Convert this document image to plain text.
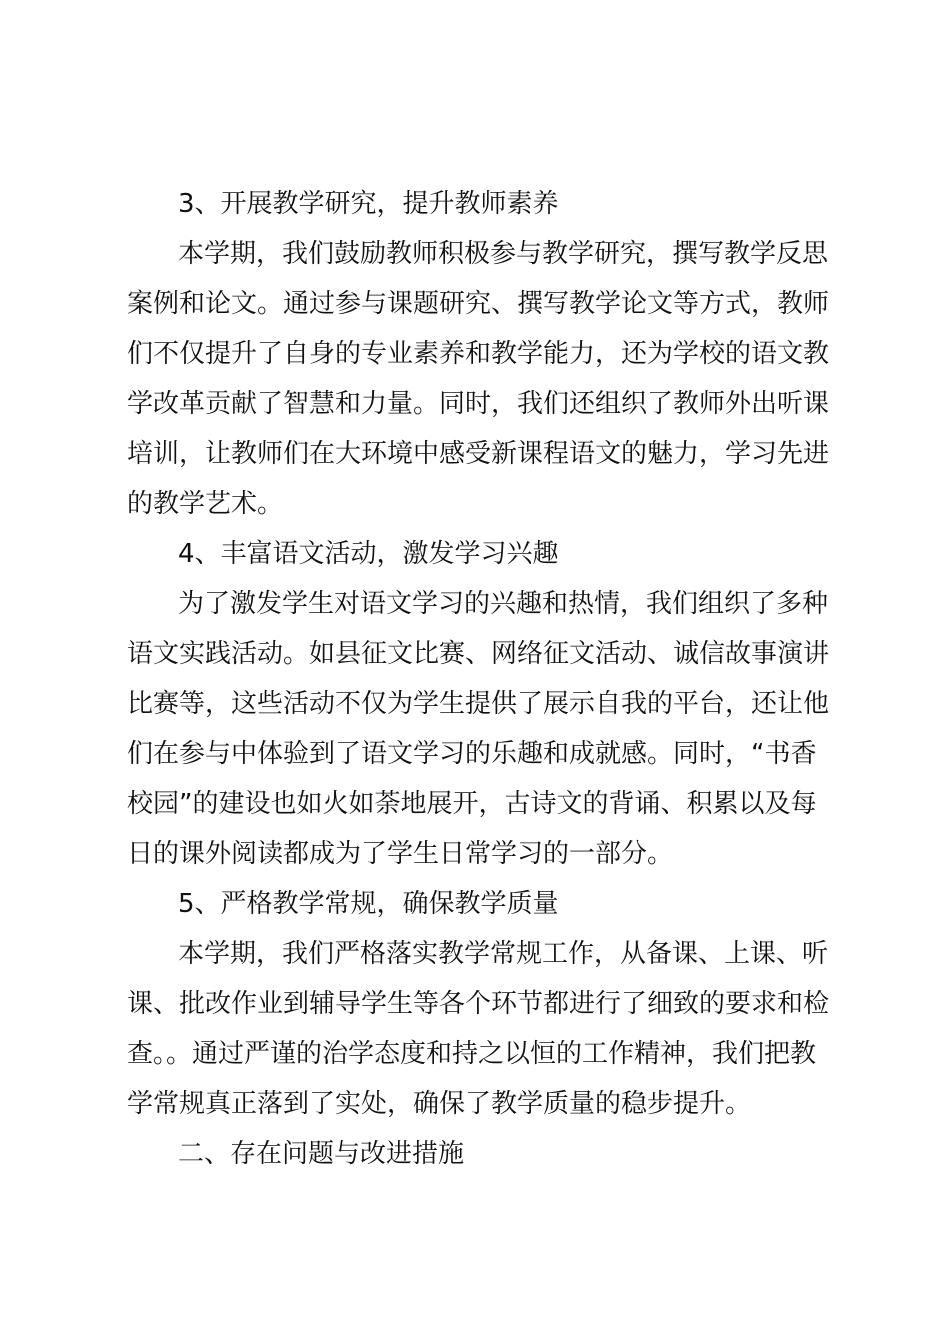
3、开展教学研究，提升教师素养
本学期，我们鼓励教师积极参与教学研究，撰写教学反思
案例和论文。通过参与课题研究、撰写教学论文等方式，教师
们不仅提升了自身的专业素养和教学能力，还为学校的语文教
学改革贡献了智慧和力量。同时，我们还组织了教师外出听课
培训，让教师们在大环境中感受新课程语文的魅力，学习先进
的教学艺术。
4、丰富语文活动，激发学习兴趣
为了激发学生对语文学习的兴趣和热情，我们组织了多种
语文实践活动。如县征文比赛、网络征文活动、诚信故事演讲
比赛等，这些活动不仅为学生提供了展示自我的平台，还让他
们在参与中体验到了语文学习的乐趣和成就感。同时，“书香
校园”的建设也如火如荼地展开，古诗文的背诵、积累以及每
日的课外阅读都成为了学生日常学习的一部分。
5、严格教学常规，确保教学质量
本学期，我们严格落实教学常规工作，从备课、上课、听
课、批改作业到辅导学生等各个环节都进行了细致的要求和检
查。。通过严谨的治学态度和持之以恒的工作精神，我们把教
学常规真正落到了实处，确保了教学质量的稳步提升。
二、存在问题与改进措施
